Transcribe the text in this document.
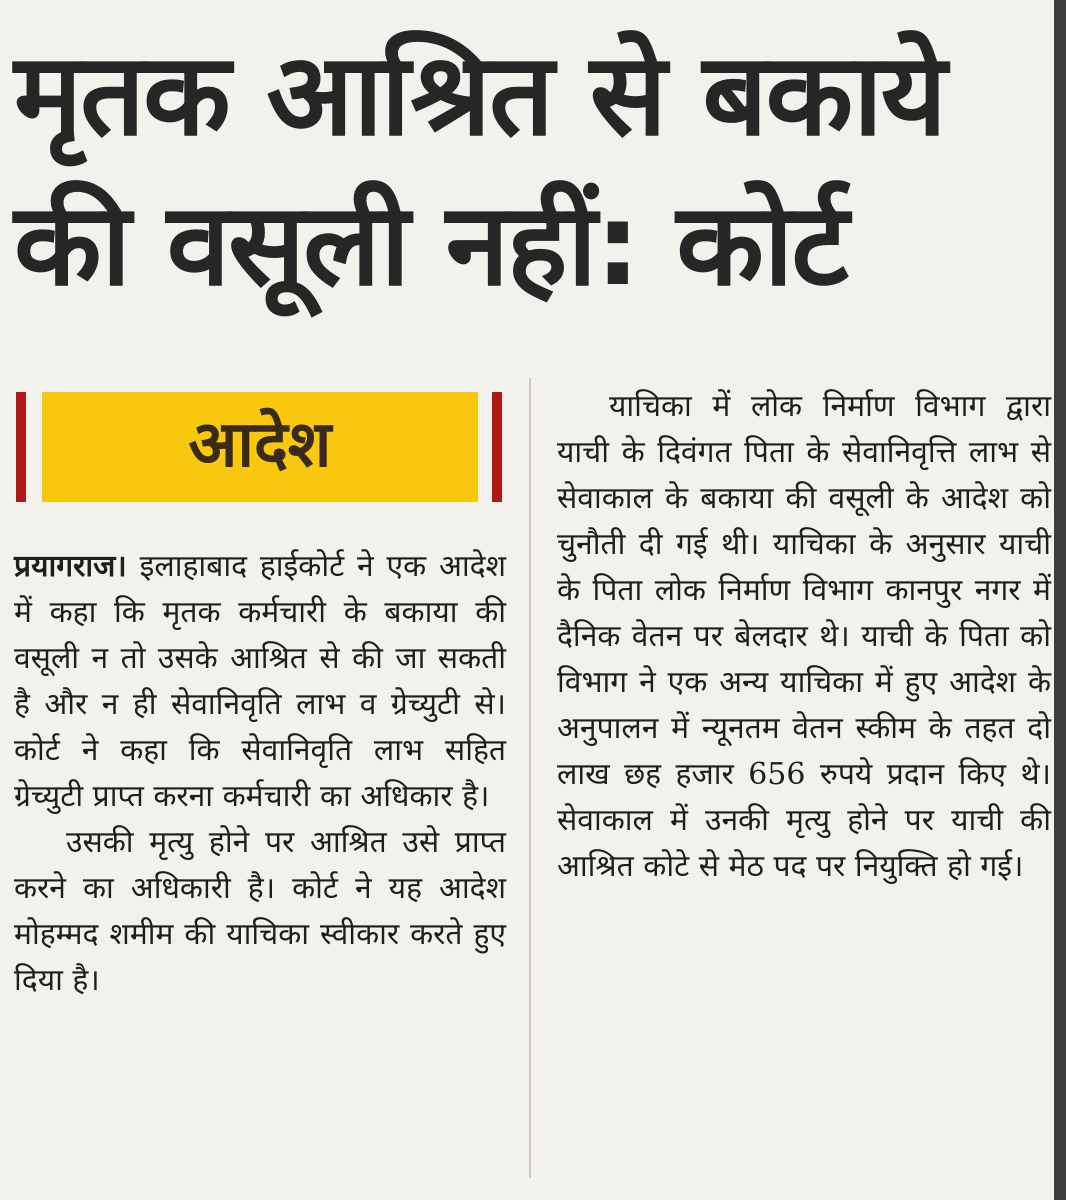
मृतक आश्रित से बकाये
की वसूली नहीं: कोर्ट
आदेश

प्रयागराज। इलाहाबाद हाईकोर्ट ने एक आदेश में कहा कि मृतक कर्मचारी के बकाया की वसूली न तो उसके आश्रित से की जा सकती है और न ही सेवानिवृति लाभ व ग्रेच्युटी से। कोर्ट ने कहा कि सेवानिवृति लाभ सहित ग्रेच्युटी प्राप्त करना कर्मचारी का अधिकार है।

उसकी मृत्यु होने पर आश्रित उसे प्राप्त करने का अधिकारी है। कोर्ट ने यह आदेश मोहम्मद शमीम की याचिका स्वीकार करते हुए दिया है।

याचिका में लोक निर्माण विभाग द्वारा याची के दिवंगत पिता के सेवानिवृत्ति लाभ से सेवाकाल के बकाया की वसूली के आदेश को चुनौती दी गई थी। याचिका के अनुसार याची के पिता लोक निर्माण विभाग कानपुर नगर में दैनिक वेतन पर बेलदार थे। याची के पिता को विभाग ने एक अन्य याचिका में हुए आदेश के अनुपालन में न्यूनतम वेतन स्कीम के तहत दो लाख छह हजार 656 रुपये प्रदान किए थे। सेवाकाल में उनकी मृत्यु होने पर याची की आश्रित कोटे से मेठ पद पर नियुक्ति हो गई।
